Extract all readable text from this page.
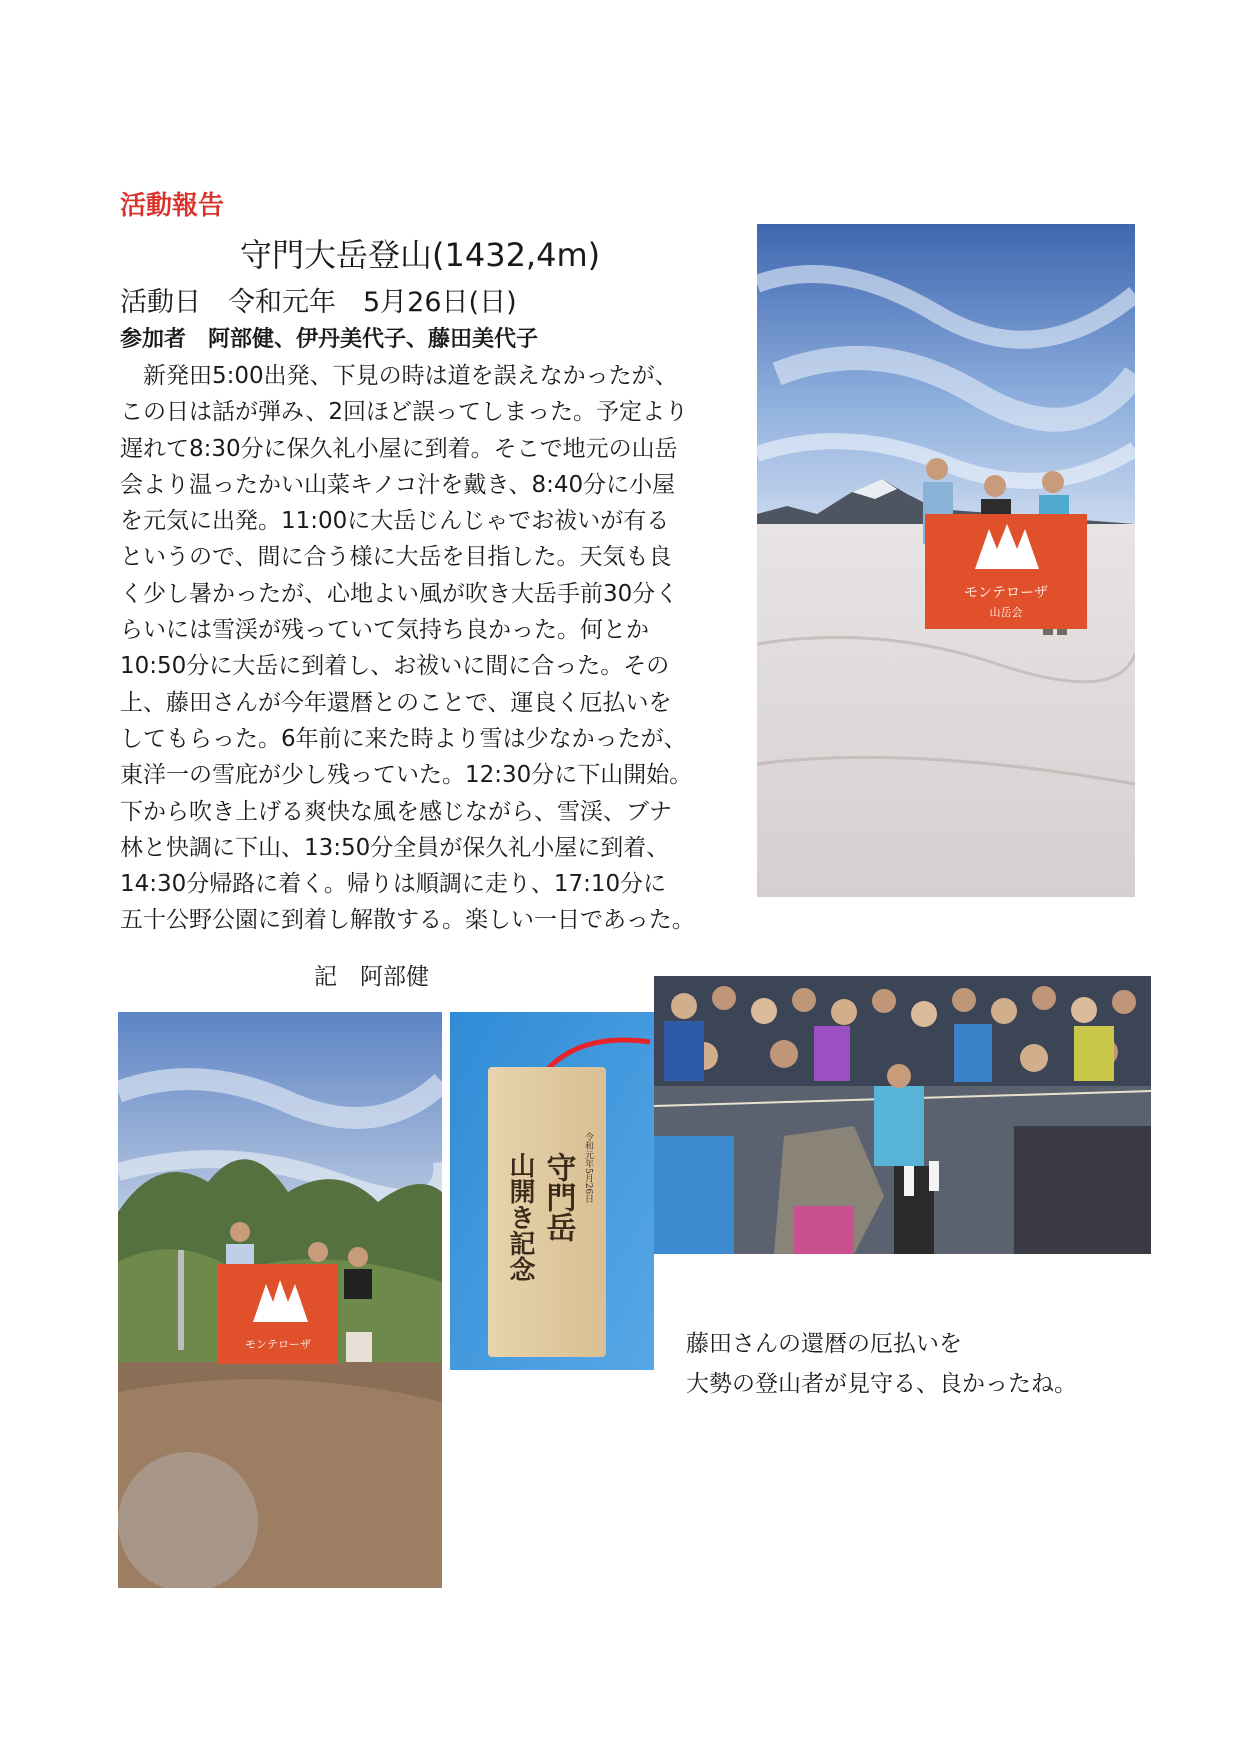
活動報告
守門大岳登山(1432,4m)
活動日　令和元年　5月26日(日)
参加者　阿部健、伊丹美代子、藤田美代子
　新発田5:00出発、下見の時は道を誤えなかったが、
この日は話が弾み、2回ほど誤ってしまった。予定より
遅れて8:30分に保久礼小屋に到着。そこで地元の山岳
会より温ったかい山菜キノコ汁を戴き、8:40分に小屋
を元気に出発。11:00に大岳じんじゃでお祓いが有る
というので、間に合う様に大岳を目指した。天気も良
く少し暑かったが、心地よい風が吹き大岳手前30分く
らいには雪渓が残っていて気持ち良かった。何とか
10:50分に大岳に到着し、お祓いに間に合った。その
上、藤田さんが今年還暦とのことで、運良く厄払いを
してもらった。6年前に来た時より雪は少なかったが、
東洋一の雪庇が少し残っていた。12:30分に下山開始。
下から吹き上げる爽快な風を感じながら、雪渓、ブナ
林と快調に下山、13:50分全員が保久礼小屋に到着、
14:30分帰路に着く。帰りは順調に走り、17:10分に
五十公野公園に到着し解散する。楽しい一日であった。
記　阿部健
モンテローザ
山岳会
モンテローザ
令和元年5月26日
守門岳
山開き記念
藤田さんの還暦の厄払いを
大勢の登山者が見守る、良かったね。
